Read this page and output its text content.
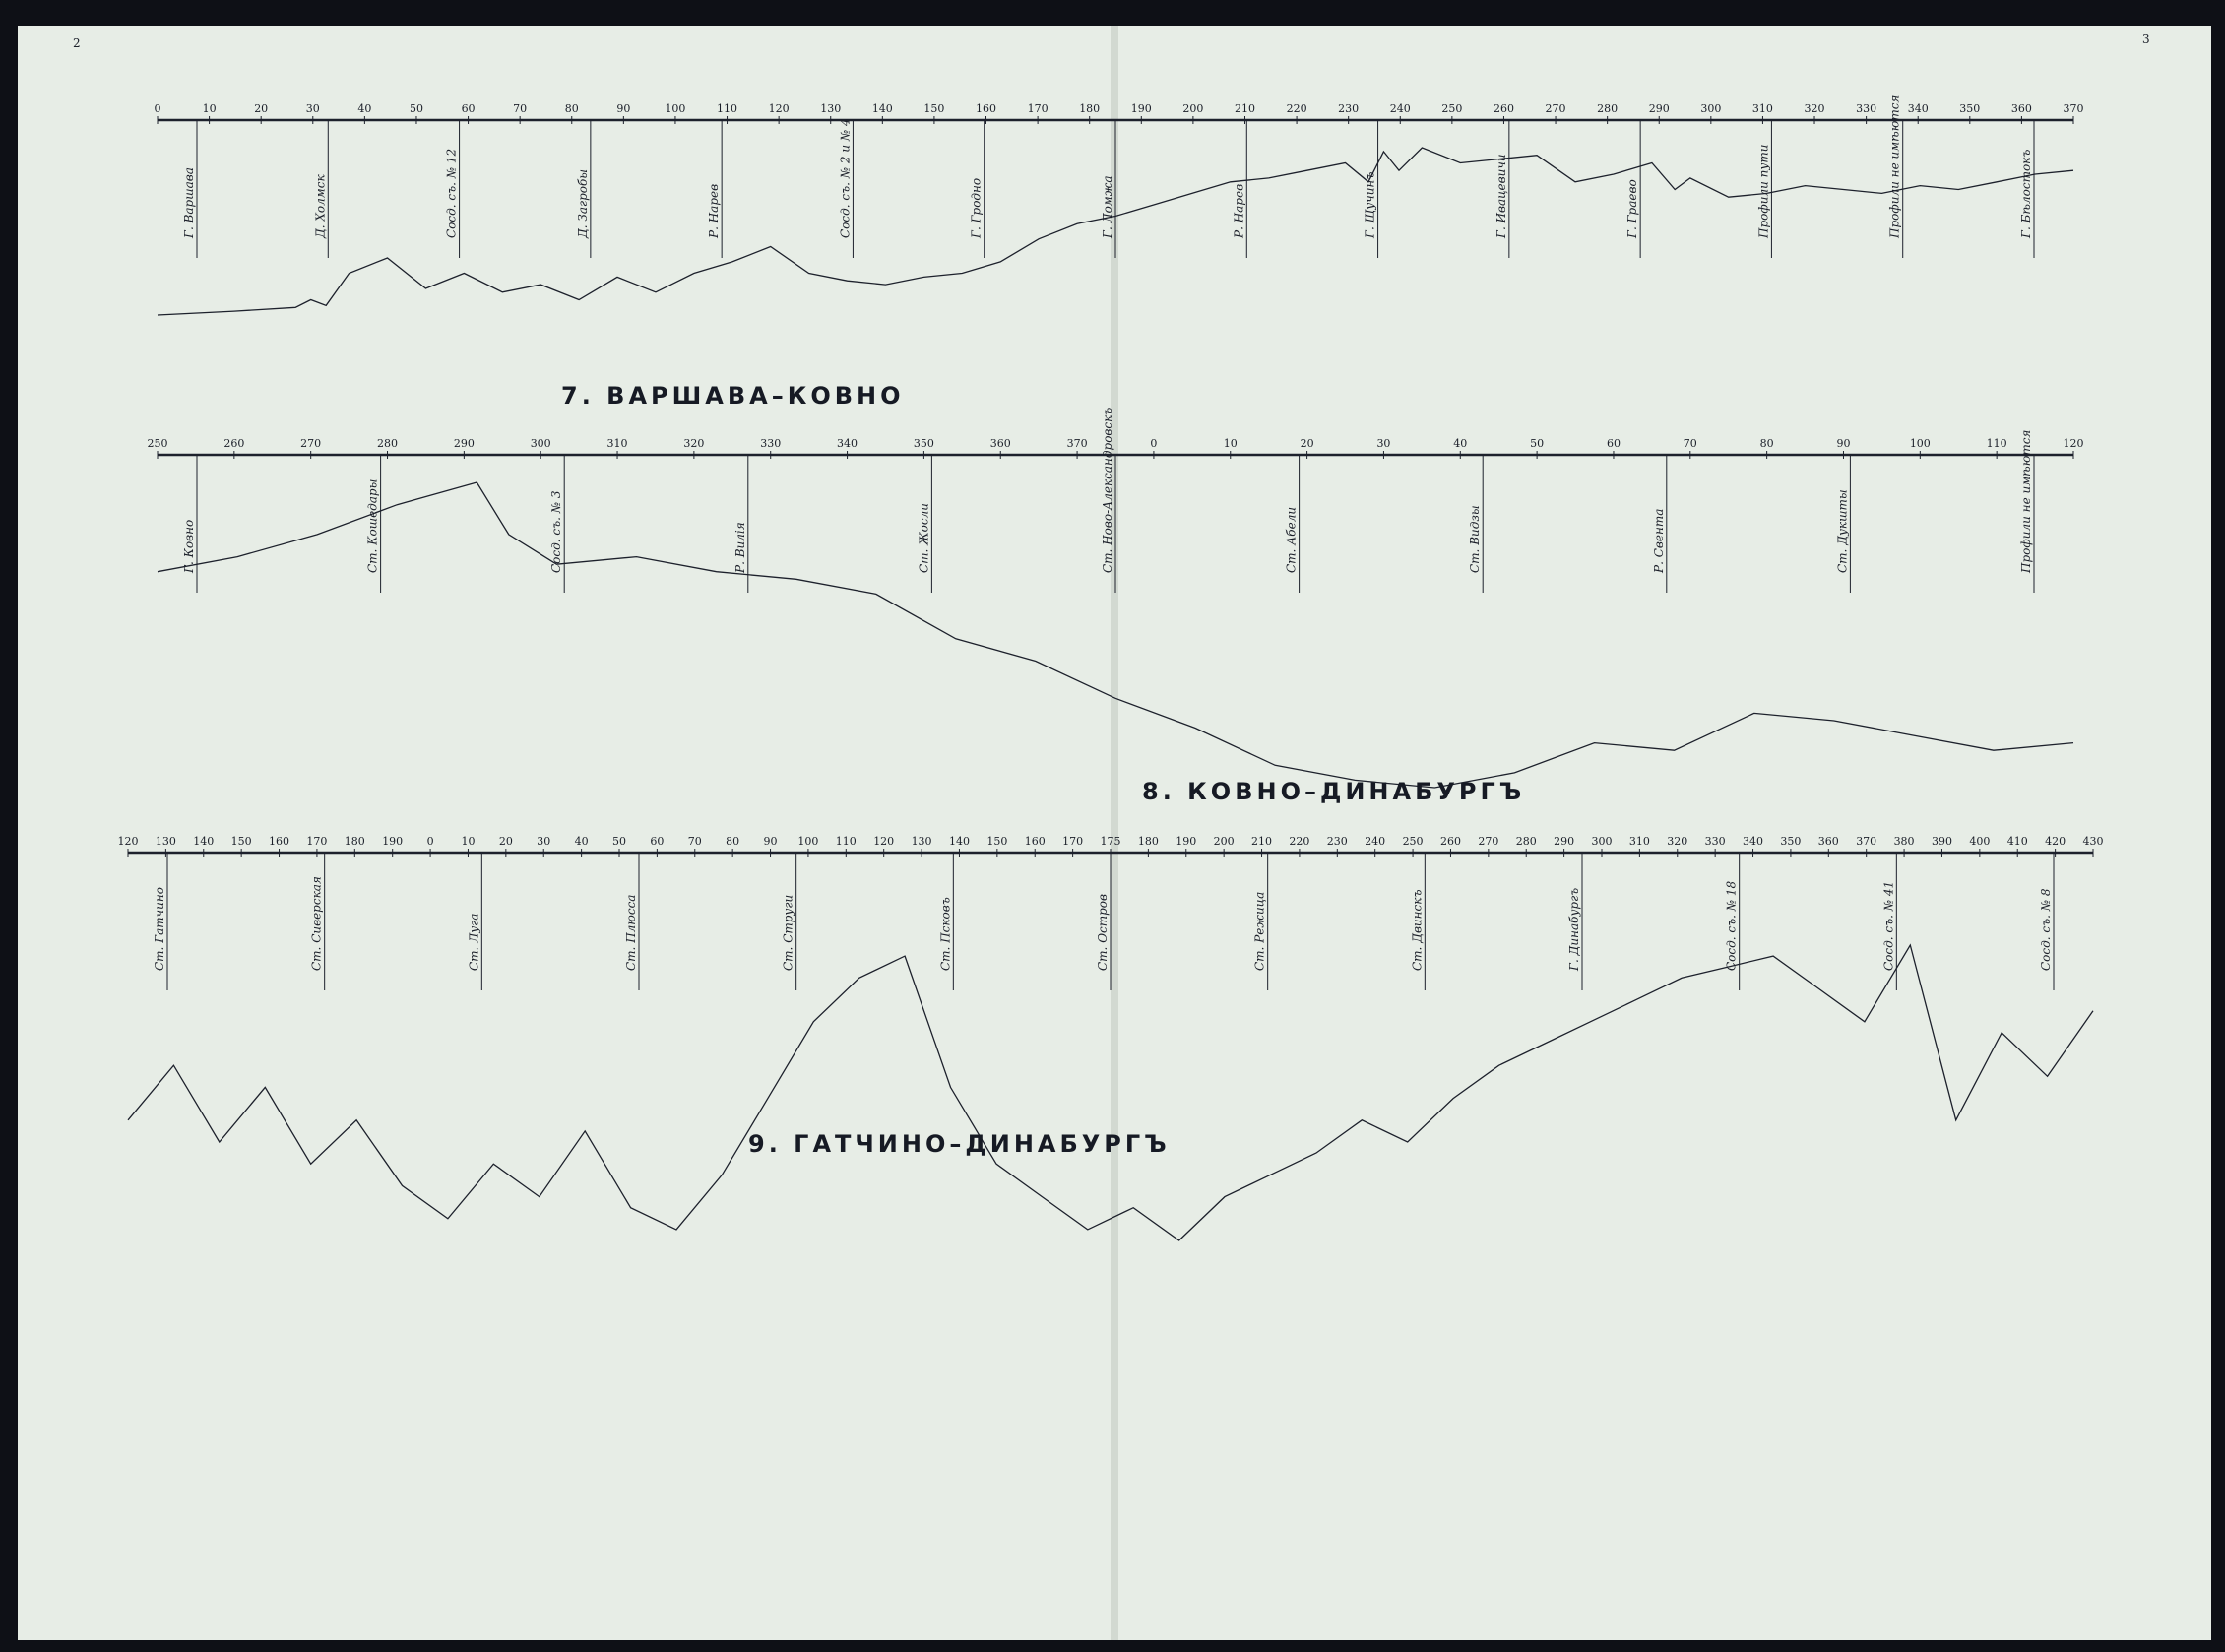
2	3
0	10	20	30	40	50	60	70	80	90	100	110	120	130	140	150	160	170	180	190	200	210	220	230	240	250	260	270	280	290	300	310	320	330	340	350	360	370
Г. Варшава	Д. Холмск	Сосд. съ. № 12	Д. Загробы	Р. Нарев	Сосд. съ. № 2 и № 4	Г. Гродно	Г. Ломжа	Р. Нарев	Г. Щучинъ	Г. Ивацевичи	Г. Граево	Профили пути	Профили не имѣются	Г. Бѣлостокъ
7. ВАРШАВА–КОВНО
250	260	270	280	290	300	310	320	330	340	350	360	370	0	10	20	30	40	50	60	70	80	90	100	110	120
Г. Ковно	Ст. Кошедары	Сосд. съ. № 3	Р. Вилія	Ст. Жосли	Ст. Ново-Александровскъ	Ст. Абели	Ст. Видзы	Р. Свента	Ст. Дукшты	Профили не имѣются
8. КОВНО–ДИНАБУРГЪ
120 130 140 150 160 170 180 190 0	10 20 30 40 50 60 70 80 90 100 110 120 130 140 150 160 170 175 180 190 200 210 220 230 240 250 260 270 280 290 300 310 320 330 340 350 360 370 380 390 400 410 420 430
Ст. Гатчино	Ст. Сиверская	Ст. Луга	Ст. Плюсса	Ст. Струги	Ст. Псковъ	Ст. Остров	Ст. Режица	Ст. Двинскъ	Г. Динабургъ	Сосд. съ. № 18	Сосд. съ. № 41	Сосд. съ. № 8
9. ГАТЧИНО–ДИНАБУРГЪ
